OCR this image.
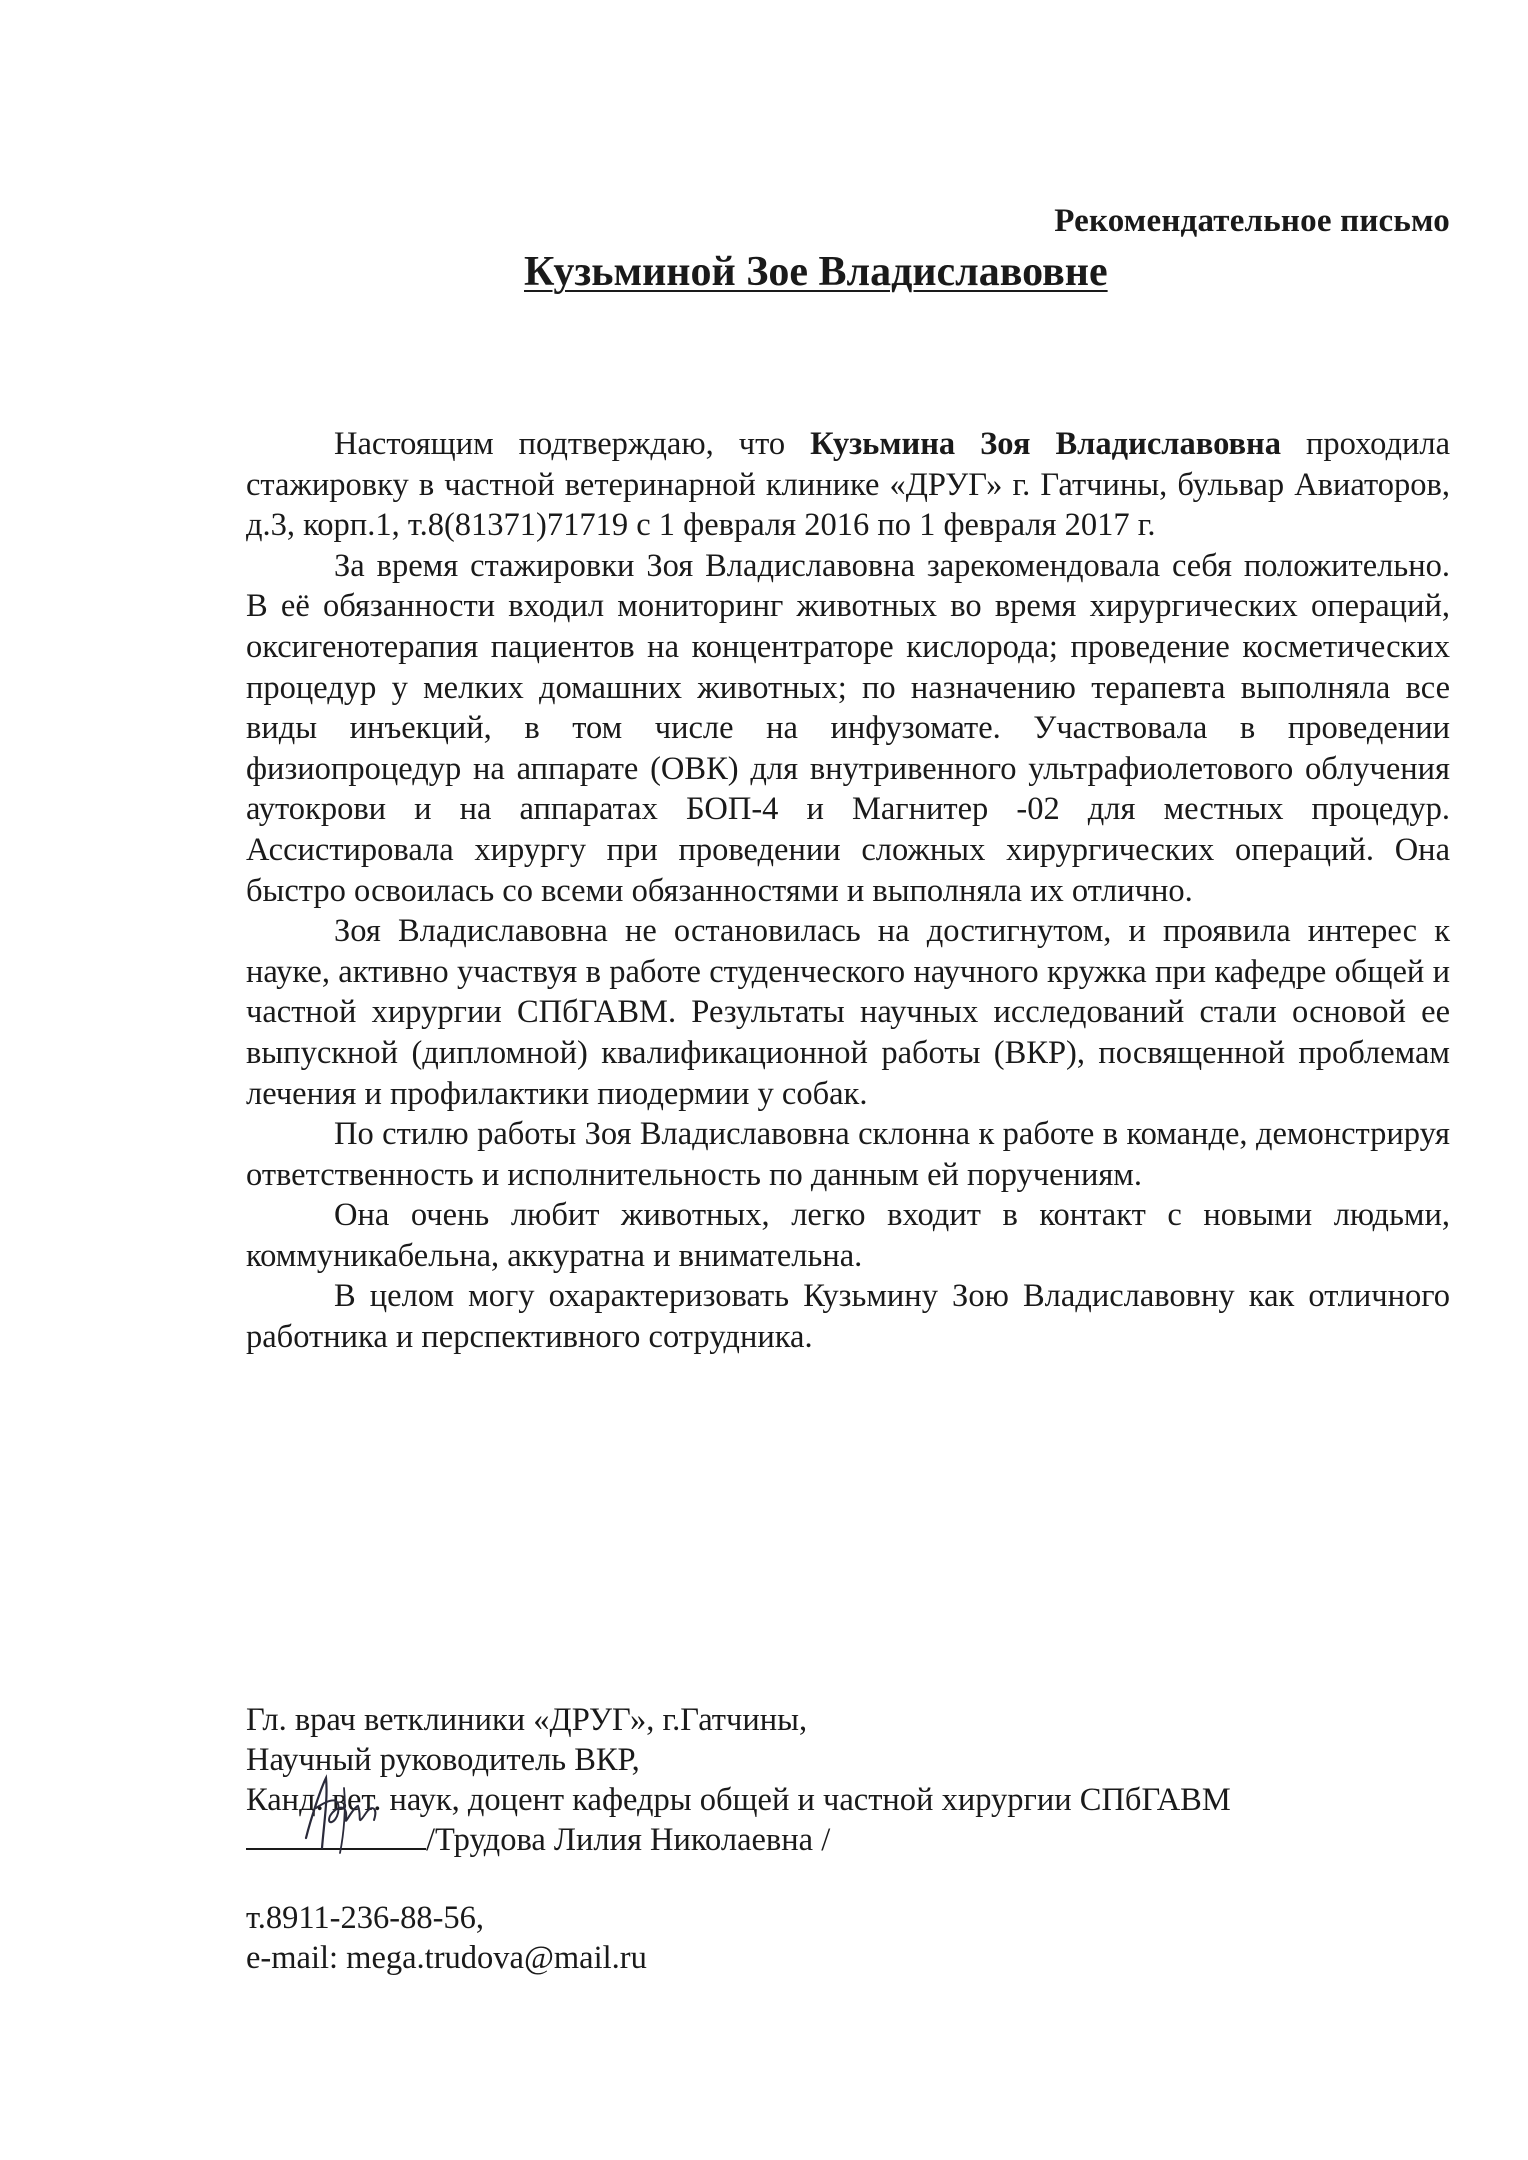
Рекомендательное письмо
Кузьминой Зое Владиславовне

Настоящим подтверждаю, что Кузьмина Зоя Владиславовна проходила стажировку в частной ветеринарной клинике «ДРУГ» г. Гатчины, бульвар Авиаторов, д.3, корп.1, т.8(81371)71719 с 1 февраля 2016 по 1 февраля 2017 г.

За время стажировки Зоя Владиславовна зарекомендовала себя положительно. В её обязанности входил мониторинг животных во время хирургических операций, оксигенотерапия пациентов на концентраторе кислорода; проведение косметических процедур у мелких домашних животных; по назначению терапевта выполняла все виды инъекций, в том числе на инфузомате. Участвовала в проведении физиопроцедур на аппарате (ОВК) для внутривенного ультрафиолетового облучения аутокрови и на аппаратах БОП-4 и Магнитер -02 для местных процедур. Ассистировала хирургу при проведении сложных хирургических операций. Она быстро освоилась со всеми обязанностями и выполняла их отлично.

Зоя Владиславовна не остановилась на достигнутом, и проявила интерес к науке, активно участвуя в работе студенческого научного кружка при кафедре общей и частной хирургии СПбГАВМ. Результаты научных исследований стали основой ее выпускной (дипломной) квалификационной работы (ВКР), посвященной проблемам лечения и профилактики пиодермии у собак.

По стилю работы Зоя Владиславовна склонна к работе в команде, демонстрируя ответственность и исполнительность по данным ей поручениям.

Она очень любит животных, легко входит в контакт с новыми людьми, коммуникабельна, аккуратна и внимательна.

В целом могу охарактеризовать Кузьмину Зою Владиславовну как отличного работника и перспективного сотрудника.

Гл. врач ветклиники «ДРУГ», г.Гатчины,
Научный руководитель ВКР,
Канд. вет. наук, доцент кафедры общей и частной хирургии СПбГАВМ
/Трудова Лилия Николаевна /
т.8911-236-88-56,
e-mail: mega.trudova@mail.ru
